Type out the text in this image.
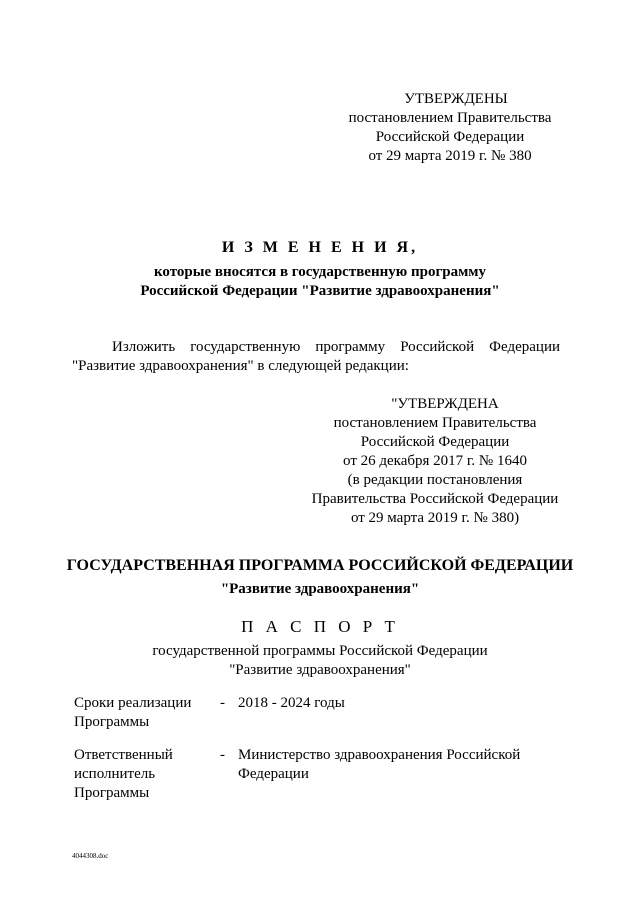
УТВЕРЖДЕНЫ
постановлением Правительства
Российской Федерации
от 29 марта 2019 г. № 380
И З М Е Н Е Н И Я,
которые вносятся в государственную программу
Российской Федерации "Развитие здравоохранения"
Изложить государственную программу Российской Федерации
"Развитие здравоохранения" в следующей редакции:
"УТВЕРЖДЕНА
постановлением Правительства
Российской Федерации
от 26 декабря 2017 г. № 1640
(в редакции постановления
Правительства Российской Федерации
от 29 марта 2019 г. № 380)
ГОСУДАРСТВЕННАЯ ПРОГРАММА РОССИЙСКОЙ ФЕДЕРАЦИИ
"Развитие здравоохранения"
П А С П О Р Т
государственной программы Российской Федерации
"Развитие здравоохранения"
Сроки реализации
Программы
- 2018 - 2024 годы
Ответственный
исполнитель
Программы
- Министерство здравоохранения Российской
Федерации
4044308.doc
